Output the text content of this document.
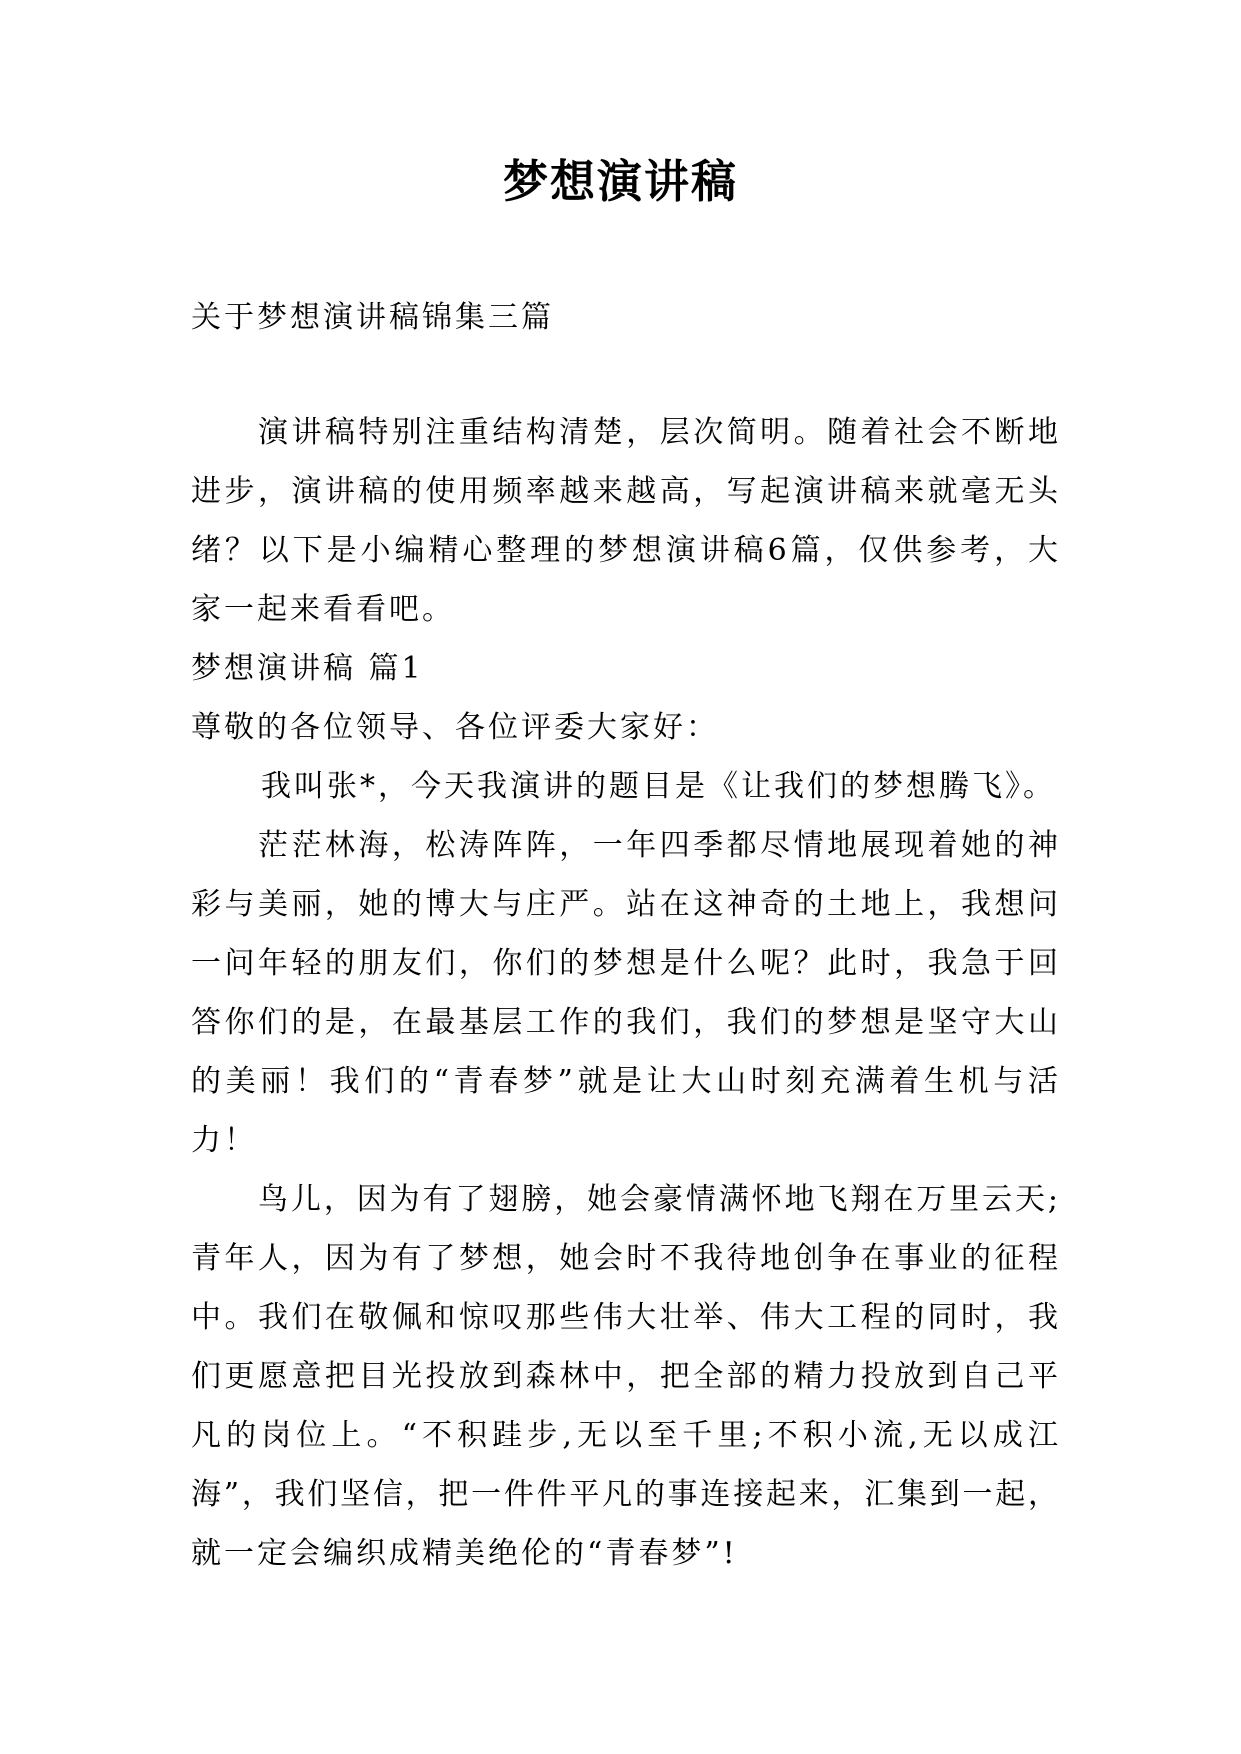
梦想演讲稿
关于梦想演讲稿锦集三篇
演讲稿特别注重结构清楚，层次简明。随着社会不断地
进步，演讲稿的使用频率越来越高，写起演讲稿来就毫无头
绪？以下是小编精心整理的梦想演讲稿6篇，仅供参考，大
家一起来看看吧。
梦想演讲稿 篇1
尊敬的各位领导、各位评委大家好：
我叫张*，今天我演讲的题目是《让我们的梦想腾飞》。
茫茫林海，松涛阵阵，一年四季都尽情地展现着她的神
彩与美丽，她的博大与庄严。站在这神奇的土地上，我想问
一问年轻的朋友们，你们的梦想是什么呢？此时，我急于回
答你们的是，在最基层工作的我们，我们的梦想是坚守大山
的美丽！我们的“青春梦”就是让大山时刻充满着生机与活
力！
鸟儿，因为有了翅膀，她会豪情满怀地飞翔在万里云天;
青年人，因为有了梦想，她会时不我待地创争在事业的征程
中。我们在敬佩和惊叹那些伟大壮举、伟大工程的同时，我
们更愿意把目光投放到森林中，把全部的精力投放到自己平
凡的岗位上。“不积跬步,无以至千里;不积小流,无以成江
海”，我们坚信，把一件件平凡的事连接起来，汇集到一起，
就一定会编织成精美绝伦的“青春梦”!
